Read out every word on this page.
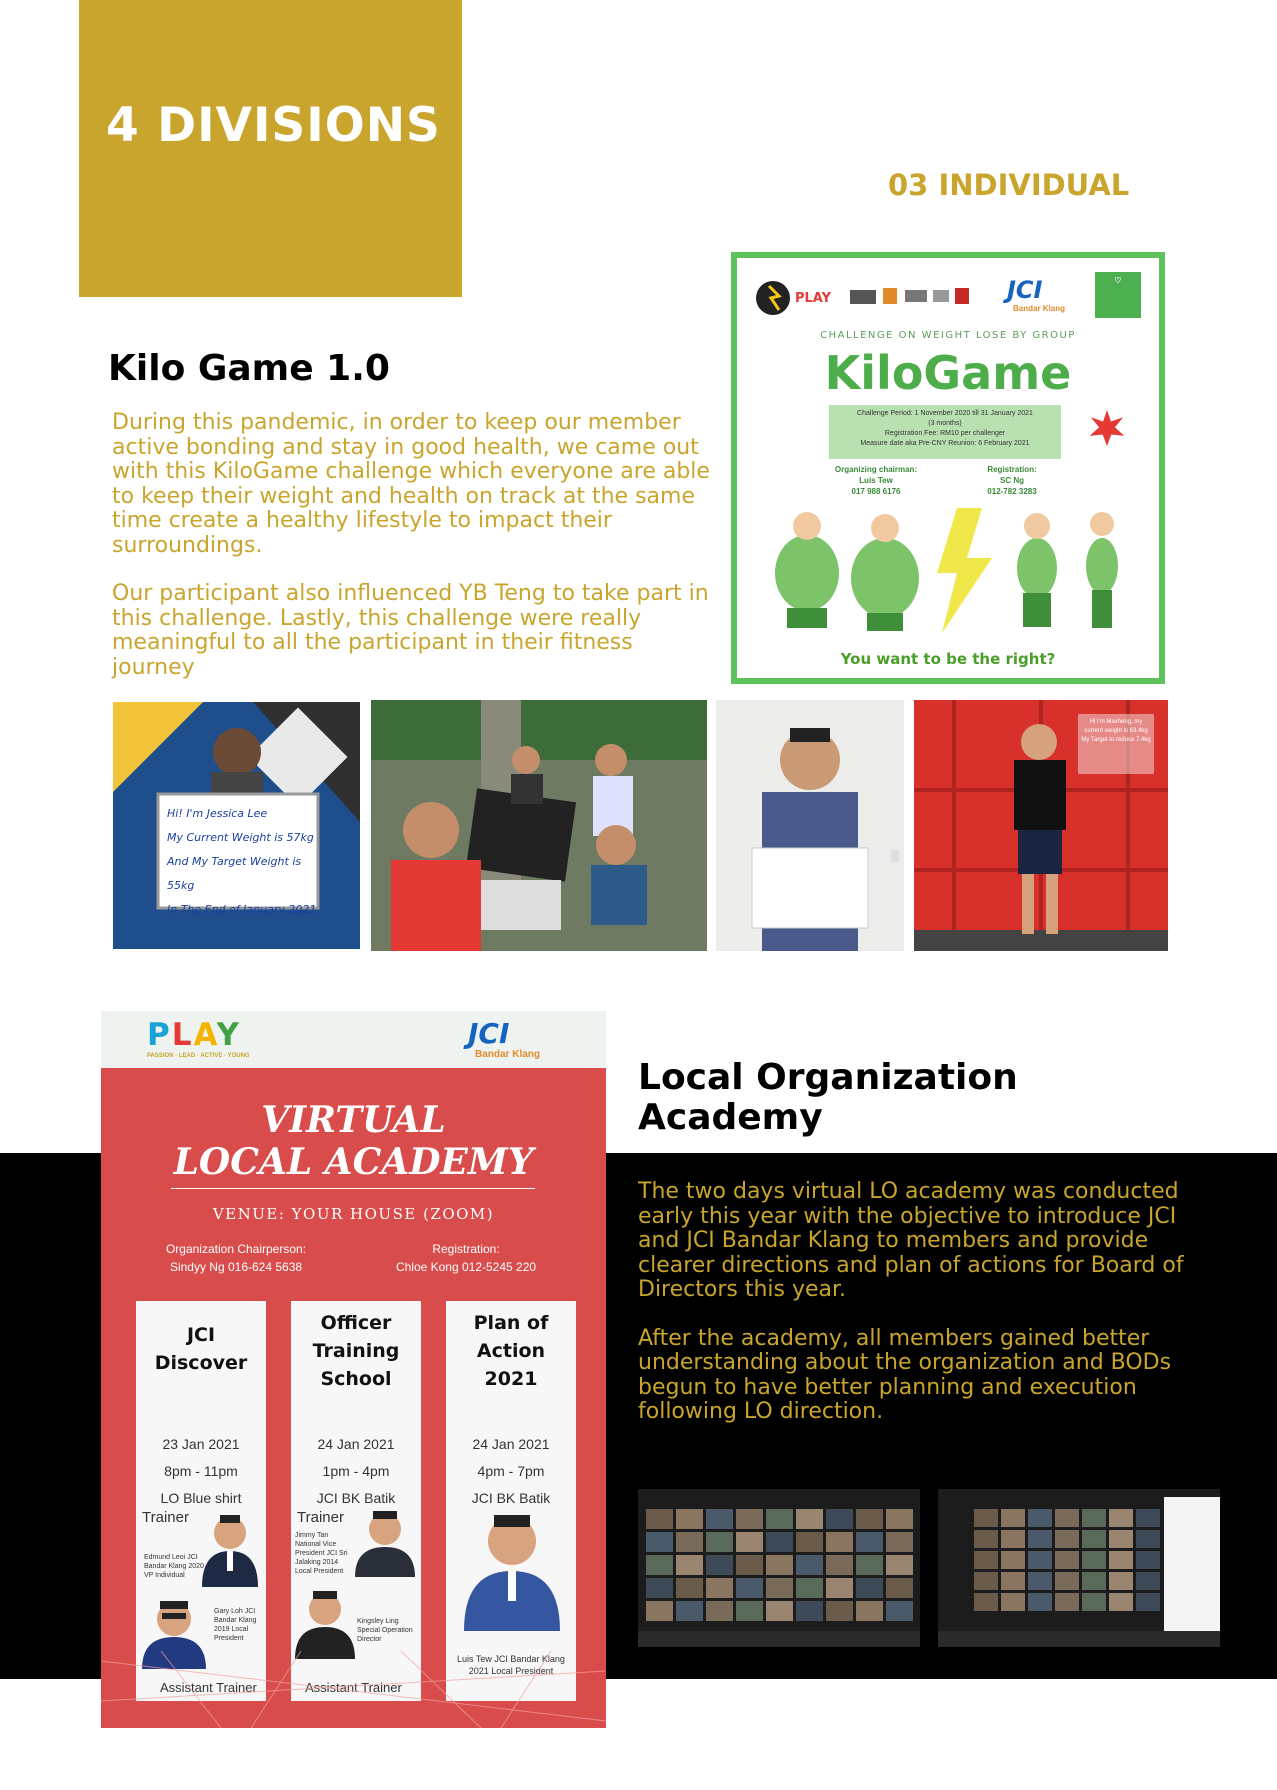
4 DIVISIONS
03 INDIVIDUAL
Kilo Game 1.0

During this pandemic, in order to keep our member active bonding and stay in good health, we came out with this KiloGame challenge which everyone are able to keep their weight and health on track at the same time create a healthy lifestyle to impact their surroundings.

Our participant also influenced YB Teng to take part in this challenge. Lastly, this challenge were really meaningful to all the participant in their fitness journey

PLAY	JCI
Bandar Klang
♡
CHALLENGE ON WEIGHT LOSE BY GROUP
KiloGame
Challenge Period: 1 November 2020 till 31 January 2021
(3 months)
Registration Fee: RM10 per challenger
Measure date aka Pre-CNY Reunion: 6 February 2021
Organizing chairman:
Luis Tew
017 988 6176
Registration:
SC Ng
012-782 3283
You want to be the right?
Hi! I'm Jessica Lee
My Current Weight is 57kg
And My Target Weight is 55kg
In The End of January 2021
Hi I'm Maxheng, my current weight is 63.4kg
My Target to reduce 7.4kg
Local Organization Academy

The two days virtual LO academy was conducted early this year with the objective to introduce JCI and JCI Bandar Klang to members and provide clearer directions and plan of actions for Board of Directors this year.

After the academy, all members gained better understanding about the organization and BODs begun to have better planning and execution following LO direction.

PLAY
PASSION · LEAD · ACTIVE · YOUNG
JCI
Bandar Klang
VIRTUAL
LOCAL ACADEMY
VENUE: YOUR HOUSE (ZOOM)
Organization Chairperson:
Sindyy Ng 016-624 5638
Registration:
Chloe Kong 012-5245 220
JCI Discover
23 Jan 2021
8pm - 11pm
LO Blue shirt
Trainer
Edmund Leoi JCI Bandar Klang 2020 VP Individual
Gary Loh JCI Bandar Klang 2019 Local President
Assistant Trainer
Officer Training School
24 Jan 2021
1pm - 4pm
JCI BK Batik
Trainer
Jimmy Tan National Vice President JCI Sri Jalaking 2014 Local President
Kingsley Ling Special Operation Director
Assistant Trainer
Plan of Action 2021
24 Jan 2021
4pm - 7pm
JCI BK Batik
Luis Tew JCI Bandar Klang 2021 Local President
